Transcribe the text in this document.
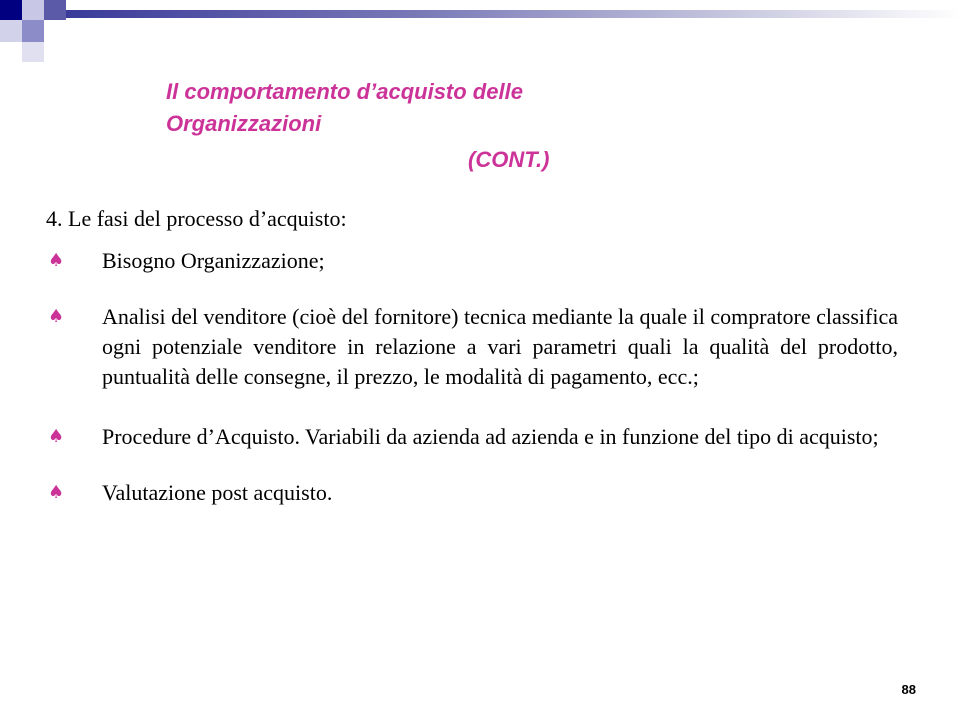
Il comportamento d’acquisto delle
Organizzazioni
(CONT.)

4. Le fasi del processo d’acquisto:

♠ Bisogno Organizzazione;
♠ Analisi del venditore (cioè del fornitore) tecnica mediante la quale il compratore classifica ogni potenziale venditore in relazione a vari parametri quali la qualità del prodotto, puntualità delle consegne, il prezzo, le modalità di pagamento, ecc.;
♠ Procedure d’Acquisto. Variabili da azienda ad azienda e in funzione del tipo di acquisto;
♠ Valutazione post acquisto.
88
